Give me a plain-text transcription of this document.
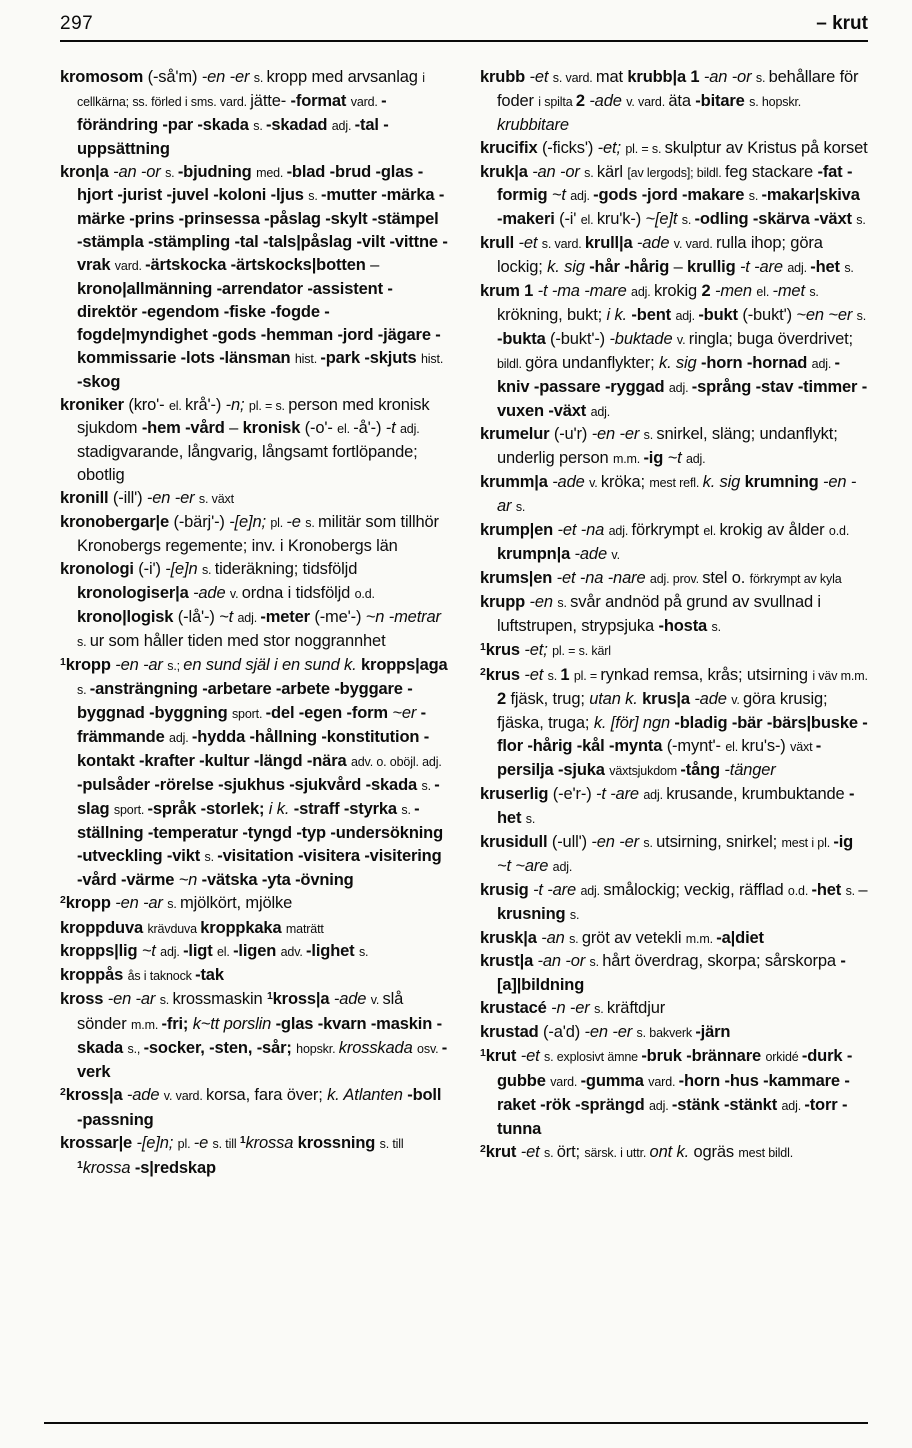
297	– krut
kromosom (-så'm) -en -er s. kropp med arvsanlag i cellkärna; ss. förled i sms. vard. jätte- -format vard. -förändring -par -skada s. -skadad adj. -tal -uppsättning
kron|a -an -or s. -bjudning med. -blad -brud -glas -hjort -jurist -juvel -koloni -ljus s. -mutter -märka -märke -prins -prinsessa -påslag -skylt -stämpel -stämpla -stämpling -tal -tals|påslag -vilt -vittne -vrak vard. -ärtskocka -ärtskocks|botten – krono|allmänning -arrendator -assistent -direktör -egendom -fiske -fogde -fogde|myndighet -gods -hemman -jord -jägare -kommissarie -lots -länsman hist. -park -skjuts hist. -skog
kroniker (kro'- el. krå'-) -n; pl. = s. person med kronisk sjukdom -hem -vård – kronisk (-o'- el. -å'-) -t adj. stadigvarande, långvarig, långsamt fortlöpande; obotlig
kronill (-ill') -en -er s. växt
kronobergar|e (-bärj'-) -[e]n; pl. -e s. militär som tillhör Kronobergs regemente; inv. i Kronobergs län
kronologi (-i') -[e]n s. tideräkning; tidsföljd kronologiser|a -ade v. ordna i tidsföljd o.d. krono|logisk (-lå'-) ~t adj. -meter (-me'-) ~n -metrar s. ur som håller tiden med stor noggrannhet
$^1$kropp -en -ar s.; en sund själ i en sund k. kropps|aga s. -ansträngning -arbetare -arbete -byggare -byggnad -byggning sport. -del -egen -form ~er -främmande adj. -hydda -hållning -konstitution -kontakt -krafter -kultur -längd -nära adv. o. oböjl. adj. -pulsåder -rörelse -sjukhus -sjukvård -skada s. -slag sport. -språk -storlek; i k. -straff -styrka s. -ställning -temperatur -tyngd -typ -undersökning -utveckling -vikt s. -visitation -visitera -visitering -vård -värme ~n -vätska -yta -övning
$^2$kropp -en -ar s. mjölkört, mjölke
kroppduva krävduva kroppkaka maträtt
kropps|lig ~t adj. -ligt el. -ligen adv. -lighet s.
kroppås ås i taknock -tak
kross -en -ar s. krossmaskin $^1$kross|a -ade v. slå sönder m.m. -fri; k~tt porslin -glas -kvarn -maskin -skada s., -socker, -sten, -sår; hopskr. krosskada osv. -verk
$^2$kross|a -ade v. vard. korsa, fara över; k. Atlanten -boll -passning
krossar|e -[e]n; pl. -e s. till $^1$krossa krossning s. till $^1$krossa -s|redskap
krubb -et s. vard. mat krubb|a 1 -an -or s. behållare för foder i spilta 2 -ade v. vard. äta -bitare s. hopskr. krubbitare
krucifix (-ficks') -et; pl. = s. skulptur av Kristus på korset
kruk|a -an -or s. kärl [av lergods]; bildl. feg stackare -fat -formig ~t adj. -gods -jord -makare s. -makar|skiva -makeri (-i' el. kru'k-) ~[e]t s. -odling -skärva -växt s.
krull -et s. vard. krull|a -ade v. vard. rulla ihop; göra lockig; k. sig -hår -hårig – krullig -t -are adj. -het s.
krum 1 -t -ma -mare adj. krokig 2 -men el. -met s. krökning, bukt; i k. -bent adj. -bukt (-bukt') ~en ~er s. -bukta (-bukt'-) -buktade v. ringla; buga överdrivet; bildl. göra undanflykter; k. sig -horn -hornad adj. -kniv -passare -ryggad adj. -språng -stav -timmer -vuxen -växt adj.
krumelur (-u'r) -en -er s. snirkel, släng; undanflykt; underlig person m.m. -ig ~t adj.
krumm|a -ade v. kröka; mest refl. k. sig krumning -en -ar s.
krump|en -et -na adj. förkrympt el. krokig av ålder o.d. krumpn|a -ade v.
krums|en -et -na -nare adj. prov. stel o. förkrympt av kyla
krupp -en s. svår andnöd på grund av svullnad i luftstrupen, strypsjuka -hosta s.
$^1$krus -et; pl. = s. kärl
$^2$krus -et s. 1 pl. = rynkad remsa, krås; utsirning i väv m.m. 2 fjäsk, trug; utan k. krus|a -ade v. göra krusig; fjäska, truga; k. [för] ngn -bladig -bär -bärs|buske -flor -hårig -kål -mynta (-mynt'- el. kru's-) växt -persilja -sjuka växtsjukdom -tång -tänger
kruserlig (-e'r-) -t -are adj. krusande, krumbuktande -het s.
krusidull (-ull') -en -er s. utsirning, snirkel; mest i pl. -ig ~t ~are adj.
krusig -t -are adj. smålockig; veckig, räfflad o.d. -het s. – krusning s.
krusk|a -an s. gröt av vetekli m.m. -a|diet
krust|a -an -or s. hårt överdrag, skorpa; sårskorpa -[a]|bildning
krustacé -n -er s. kräftdjur
krustad (-a'd) -en -er s. bakverk -järn
$^1$krut -et s. explosivt ämne -bruk -brännare orkidé -durk -gubbe vard. -gumma vard. -horn -hus -kammare -raket -rök -sprängd adj. -stänk -stänkt adj. -torr -tunna
$^2$krut -et s. ört; särsk. i uttr. ont k. ogräs mest bildl.
